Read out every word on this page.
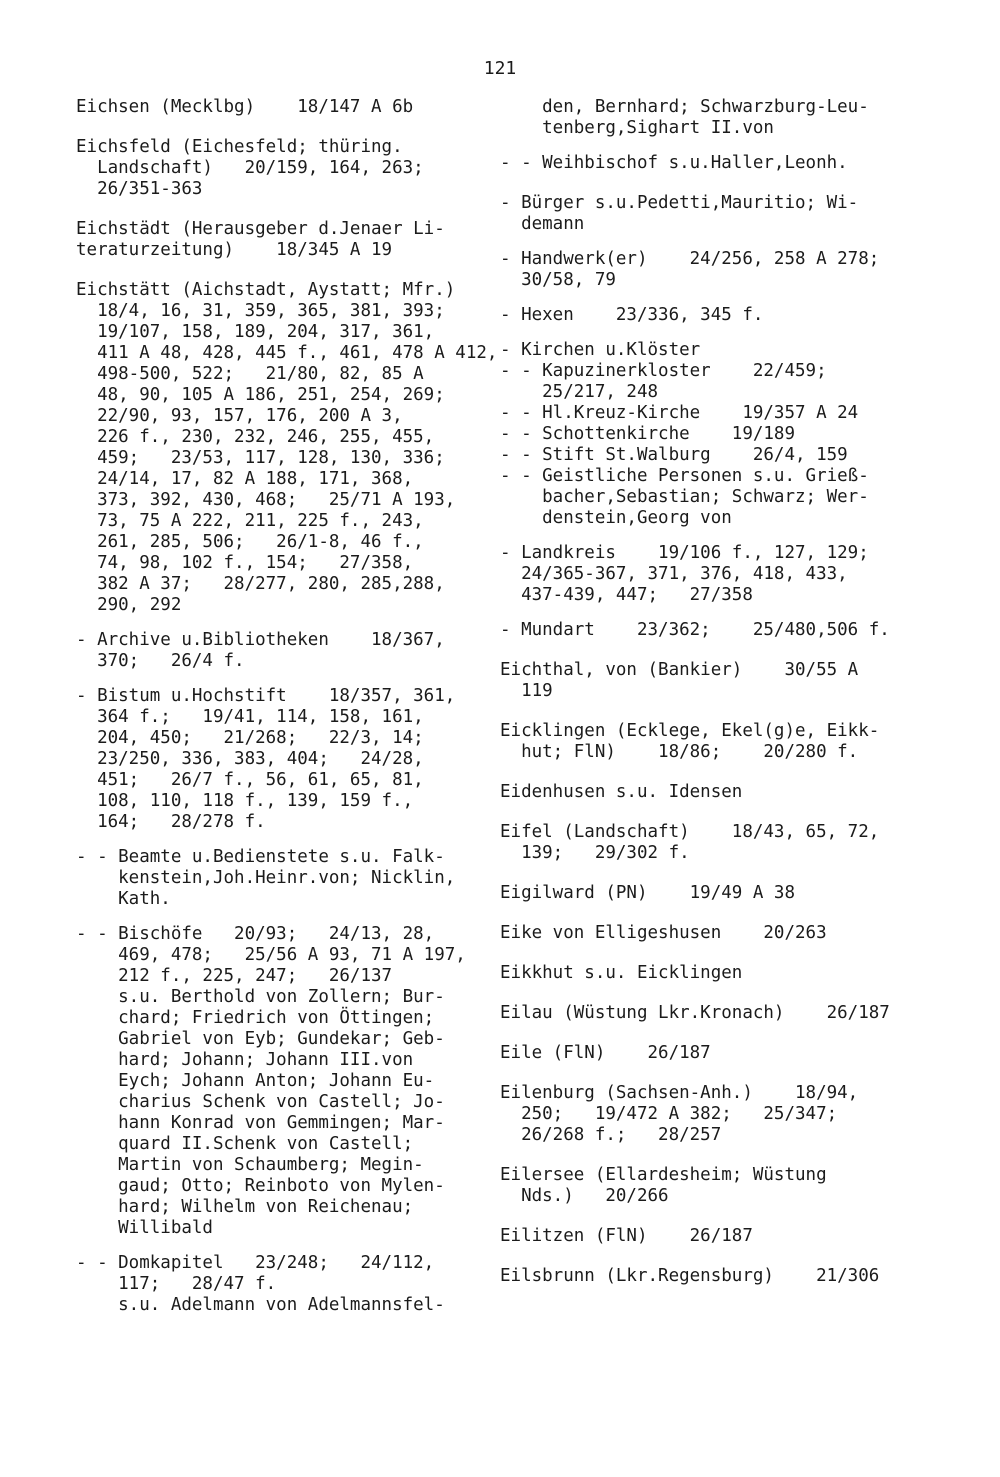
121
Eichsen (Mecklbg)    18/147 A 6b
Eichsfeld (Eichesfeld; thüring.
Landschaft)   20/159, 164, 263;
26/351-363
Eichstädt (Herausgeber d.Jenaer Li-
teraturzeitung)    18/345 A 19
Eichstätt (Aichstadt, Aystatt; Mfr.)
18/4, 16, 31, 359, 365, 381, 393;
19/107, 158, 189, 204, 317, 361,
411 A 48, 428, 445 f., 461, 478 A 412,
498-500, 522;   21/80, 82, 85 A
48, 90, 105 A 186, 251, 254, 269;
22/90, 93, 157, 176, 200 A 3,
226 f., 230, 232, 246, 255, 455,
459;   23/53, 117, 128, 130, 336;
24/14, 17, 82 A 188, 171, 368,
373, 392, 430, 468;   25/71 A 193,
73, 75 A 222, 211, 225 f., 243,
261, 285, 506;   26/1-8, 46 f.,
74, 98, 102 f., 154;   27/358,
382 A 37;   28/277, 280, 285,288,
290, 292
- Archive u.Bibliotheken    18/367,
370;   26/4 f.
- Bistum u.Hochstift    18/357, 361,
364 f.;   19/41, 114, 158, 161,
204, 450;   21/268;   22/3, 14;
23/250, 336, 383, 404;   24/28,
451;   26/7 f., 56, 61, 65, 81,
108, 110, 118 f., 139, 159 f.,
164;   28/278 f.
- - Beamte u.Bedienstete s.u. Falk-
kenstein,Joh.Heinr.von; Nicklin,
Kath.
- - Bischöfe   20/93;   24/13, 28,
469, 478;   25/56 A 93, 71 A 197,
212 f., 225, 247;   26/137
s.u. Berthold von Zollern; Bur-
chard; Friedrich von Öttingen;
Gabriel von Eyb; Gundekar; Geb-
hard; Johann; Johann III.von
Eych; Johann Anton; Johann Eu-
charius Schenk von Castell; Jo-
hann Konrad von Gemmingen; Mar-
quard II.Schenk von Castell;
Martin von Schaumberg; Megin-
gaud; Otto; Reinboto von Mylen-
hard; Wilhelm von Reichenau;
Willibald
- - Domkapitel   23/248;   24/112,
117;   28/47 f.
s.u. Adelmann von Adelmannsfel-
den, Bernhard; Schwarzburg-Leu-
tenberg,Sighart II.von
- - Weihbischof s.u.Haller,Leonh.
- Bürger s.u.Pedetti,Mauritio; Wi-
demann
- Handwerk(er)    24/256, 258 A 278;
30/58, 79
- Hexen    23/336, 345 f.
- Kirchen u.Klöster
- - Kapuzinerkloster    22/459;
25/217, 248
- - Hl.Kreuz-Kirche    19/357 A 24
- - Schottenkirche    19/189
- - Stift St.Walburg    26/4, 159
- - Geistliche Personen s.u. Grieß-
bacher,Sebastian; Schwarz; Wer-
denstein,Georg von
- Landkreis    19/106 f., 127, 129;
24/365-367, 371, 376, 418, 433,
437-439, 447;   27/358
- Mundart    23/362;    25/480,506 f.
Eichthal, von (Bankier)    30/55 A
119
Eicklingen (Ecklege, Ekel(g)e, Eikk-
hut; FlN)    18/86;    20/280 f.
Eidenhusen s.u. Idensen
Eifel (Landschaft)    18/43, 65, 72,
139;   29/302 f.
Eigilward (PN)    19/49 A 38
Eike von Elligeshusen    20/263
Eikkhut s.u. Eicklingen
Eilau (Wüstung Lkr.Kronach)    26/187
Eile (FlN)    26/187
Eilenburg (Sachsen-Anh.)    18/94,
250;   19/472 A 382;   25/347;
26/268 f.;   28/257
Eilersee (Ellardesheim; Wüstung
Nds.)   20/266
Eilitzen (FlN)    26/187
Eilsbrunn (Lkr.Regensburg)    21/306
